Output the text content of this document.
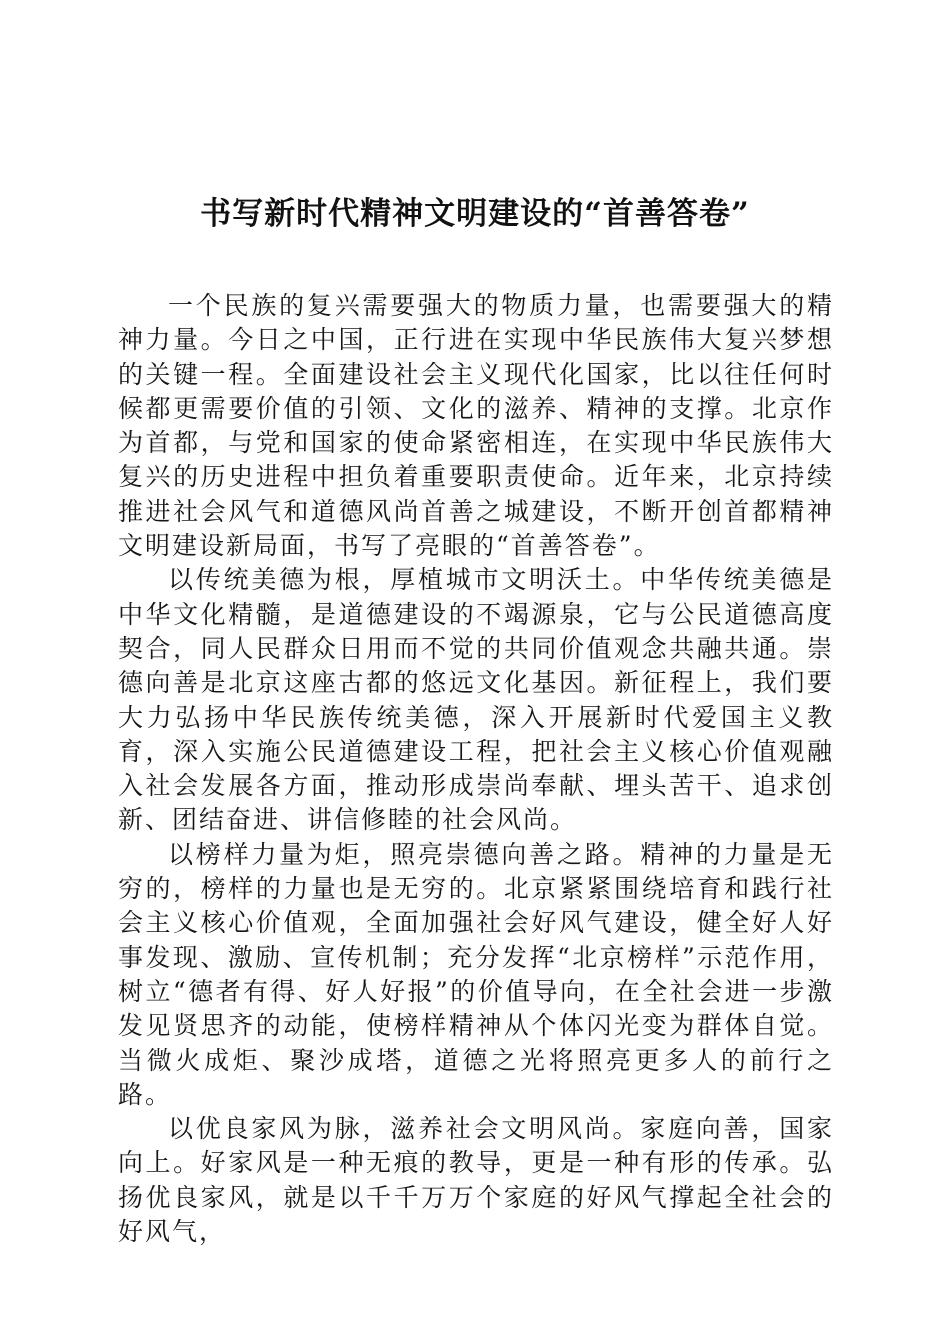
书写新时代精神文明建设的“首善答卷”

一个民族的复兴需要强大的物质力量，也需要强大的精神力量。今日之中国，正行进在实现中华民族伟大复兴梦想的关键一程。全面建设社会主义现代化国家，比以往任何时候都更需要价值的引领、文化的滋养、精神的支撑。北京作为首都，与党和国家的使命紧密相连，在实现中华民族伟大复兴的历史进程中担负着重要职责使命。近年来，北京持续推进社会风气和道德风尚首善之城建设，不断开创首都精神文明建设新局面，书写了亮眼的“首善答卷”。

以传统美德为根，厚植城市文明沃土。中华传统美德是中华文化精髓，是道德建设的不竭源泉，它与公民道德高度契合，同人民群众日用而不觉的共同价值观念共融共通。崇德向善是北京这座古都的悠远文化基因。新征程上，我们要大力弘扬中华民族传统美德，深入开展新时代爱国主义教育，深入实施公民道德建设工程，把社会主义核心价值观融入社会发展各方面，推动形成崇尚奉献、埋头苦干、追求创新、团结奋进、讲信修睦的社会风尚。

以榜样力量为炬，照亮崇德向善之路。精神的力量是无穷的，榜样的力量也是无穷的。北京紧紧围绕培育和践行社会主义核心价值观，全面加强社会好风气建设，健全好人好事发现、激励、宣传机制；充分发挥“北京榜样”示范作用，树立“德者有得、好人好报”的价值导向，在全社会进一步激发见贤思齐的动能，使榜样精神从个体闪光变为群体自觉。当微火成炬、聚沙成塔，道德之光将照亮更多人的前行之路。

以优良家风为脉，滋养社会文明风尚。家庭向善，国家向上。好家风是一种无痕的教导，更是一种有形的传承。弘扬优良家风，就是以千千万万个家庭的好风气撑起全社会的好风气，
